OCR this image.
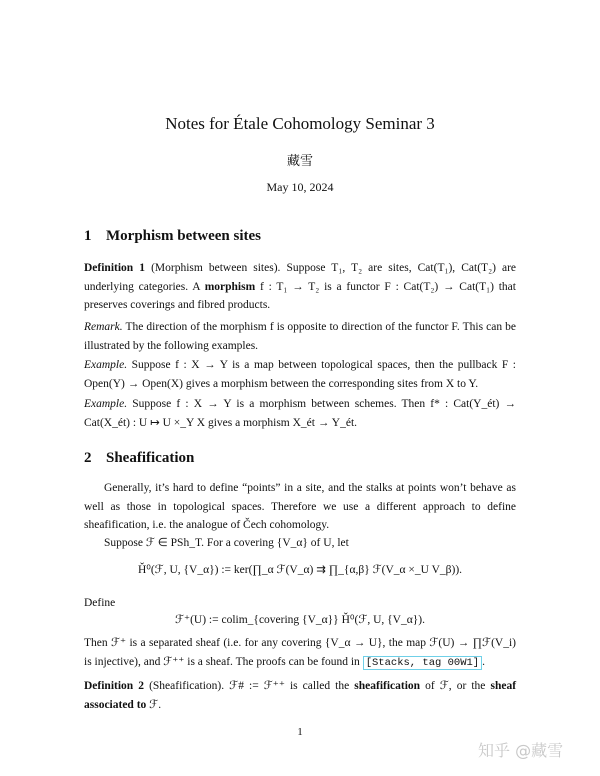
Notes for Étale Cohomology Seminar 3
藏雪
May 10, 2024
1 Morphism between sites
Definition 1 (Morphism between sites). Suppose T₁, T₂ are sites, Cat(T₁), Cat(T₂) are underlying categories. A morphism f : T₁ → T₂ is a functor F : Cat(T₂) → Cat(T₁) that preserves coverings and fibred products.
Remark. The direction of the morphism f is opposite to direction of the functor F. This can be illustrated by the following examples.
Example. Suppose f : X → Y is a map between topological spaces, then the pullback F : Open(Y) → Open(X) gives a morphism between the corresponding sites from X to Y.
Example. Suppose f : X → Y is a morphism between schemes. Then f* : Cat(Y_ét) → Cat(X_ét) : U ↦ U ×_Y X gives a morphism X_ét → Y_ét.
2 Sheafification
Generally, it’s hard to define “points” in a site, and the stalks at points won’t behave as well as those in topological spaces. Therefore we use a different approach to define sheafification, i.e. the analogue of Čech cohomology.
Suppose ℱ ∈ PSh_T. For a covering {V_α} of U, let
Ȟ⁰(ℱ, U, {V_α}) := ker(∏_α ℱ(V_α) ⇉ ∏_{α,β} ℱ(V_α ×_U V_β)).
Define
ℱ⁺(U) := colim_{covering {V_α}} Ȟ⁰(ℱ, U, {V_α}).
Then ℱ⁺ is a separated sheaf (i.e. for any covering {V_α → U}, the map ℱ(U) → ∏ℱ(V_i) is injective), and ℱ⁺⁺ is a sheaf. The proofs can be found in [Stacks, tag 00W1] .
Definition 2 (Sheafification). ℱ# := ℱ⁺⁺ is called the sheafification of ℱ, or the sheaf associated to ℱ.
1
知乎 @藏雪
